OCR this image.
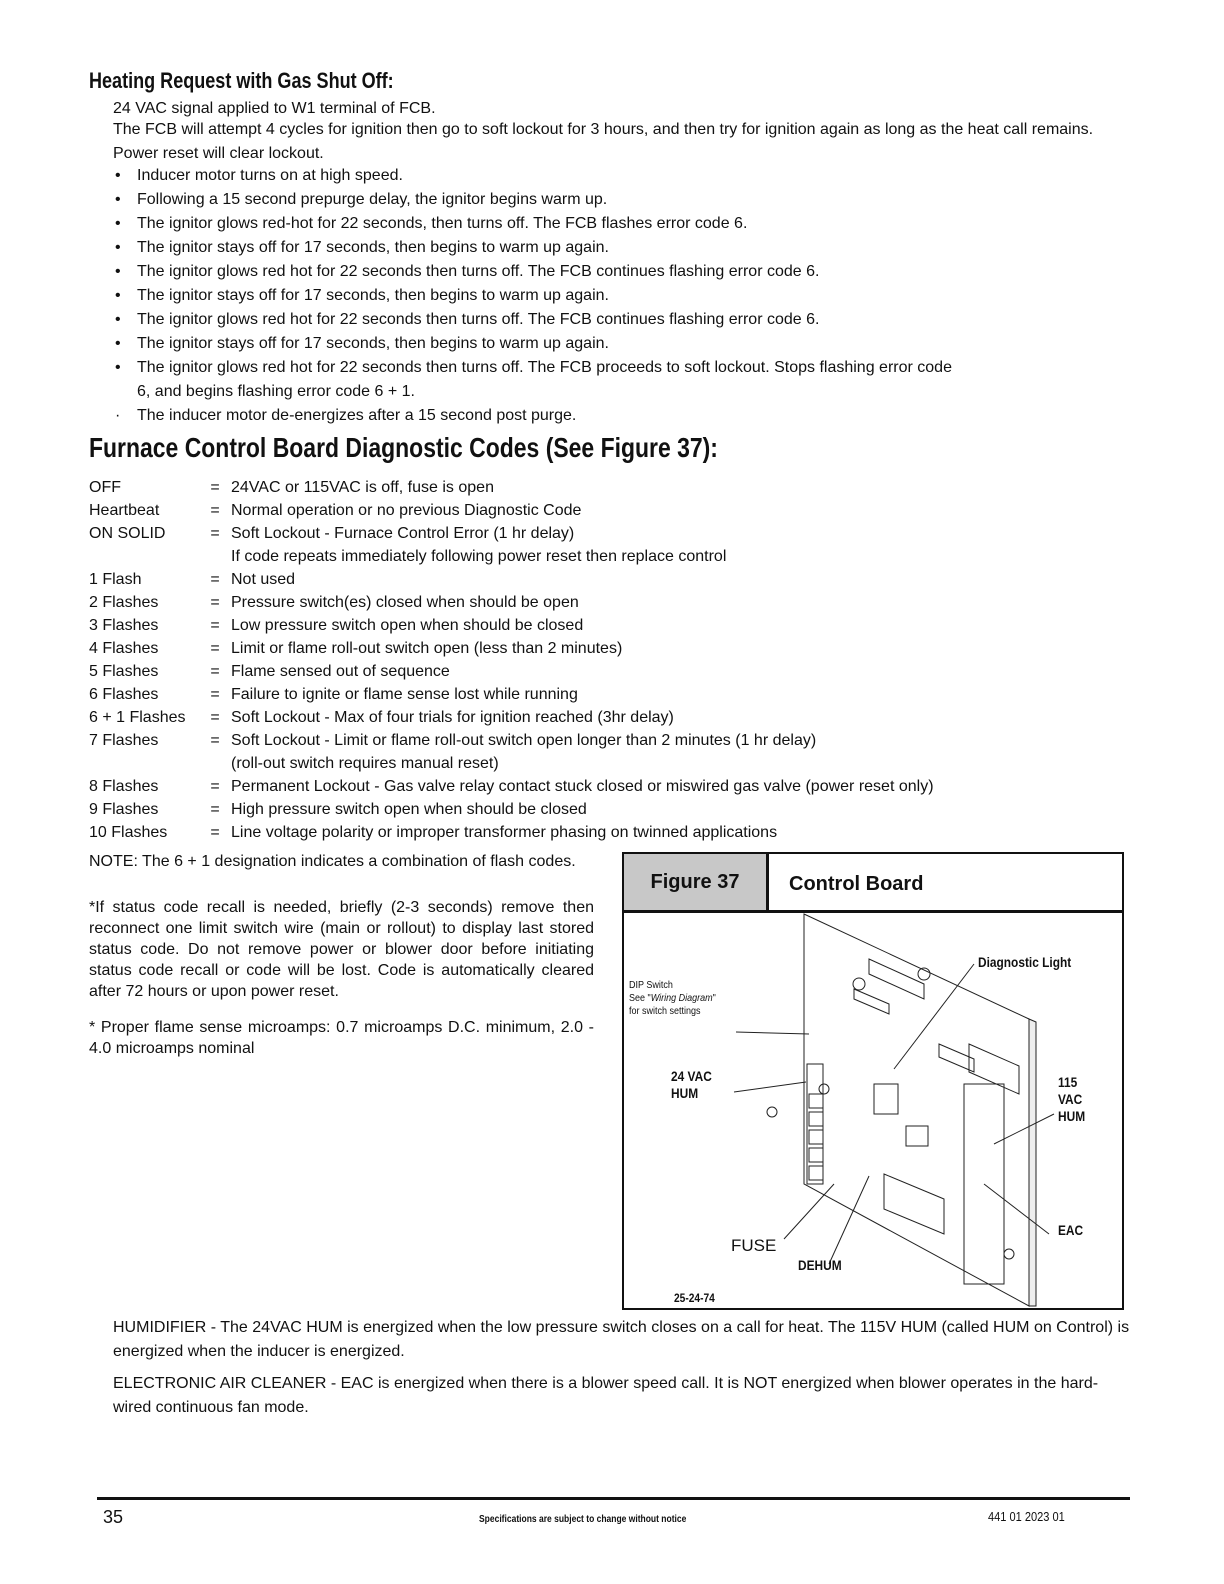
Heating Request with Gas Shut Off:
24 VAC signal applied to W1 terminal of FCB.
The FCB will attempt 4 cycles for ignition then go to soft lockout for 3 hours, and then try for ignition again as long as the heat call remains. Power reset will clear lockout.
• Inducer motor turns on at high speed.
• Following a 15 second prepurge delay, the ignitor begins warm up.
• The ignitor glows red-hot for 22 seconds, then turns off. The FCB flashes error code 6.
• The ignitor stays off for 17 seconds, then begins to warm up again.
• The ignitor glows red hot for 22 seconds then turns off. The FCB continues flashing error code 6.
• The ignitor stays off for 17 seconds, then begins to warm up again.
• The ignitor glows red hot for 22 seconds then turns off. The FCB continues flashing error code 6.
• The ignitor stays off for 17 seconds, then begins to warm up again.
• The ignitor glows red hot for 22 seconds then turns off. The FCB proceeds to soft lockout. Stops flashing error code 6, and begins flashing error code 6 + 1.
· The inducer motor de-energizes after a 15 second post purge.
Furnace Control Board Diagnostic Codes (See Figure 37):
OFF	=	24VAC or 115VAC is off, fuse is open

Heartbeat	=	Normal operation or no previous Diagnostic Code

ON SOLID	=	Soft Lockout - Furnace Control Error (1 hr delay)
If code repeats immediately following power reset then replace control

1 Flash	=	Not used

2 Flashes	=	Pressure switch(es) closed when should be open

3 Flashes	=	Low pressure switch open when should be closed

4 Flashes	=	Limit or flame roll-out switch open (less than 2 minutes)

5 Flashes	=	Flame sensed out of sequence

6 Flashes	=	Failure to ignite or flame sense lost while running

6 + 1 Flashes	=	Soft Lockout - Max of four trials for ignition reached (3hr delay)

7 Flashes	=	Soft Lockout - Limit or flame roll-out switch open longer than 2 minutes (1 hr delay)
(roll-out switch requires manual reset)

8 Flashes	=	Permanent Lockout - Gas valve relay contact stuck closed or miswired gas valve (power reset only)

9 Flashes	=	High pressure switch open when should be closed

10 Flashes	=	Line voltage polarity or improper transformer phasing on twinned applications
NOTE: The 6 + 1 designation indicates a combination of flash codes.
*If status code recall is needed, briefly (2-3 seconds) remove then reconnect one limit switch wire (main or rollout) to display last stored status code. Do not remove power or blower door before initiating status code recall or code will be lost. Code is automatically cleared after 72 hours or upon power reset.
* Proper flame sense microamps: 0.7 microamps D.C. minimum, 2.0 - 4.0 microamps nominal
Figure 37	Control Board
Diagnostic Light
DIP Switch
See "Wiring Diagram"
for switch settings
24 VAC
HUM
115
VAC
HUM
EAC
FUSE
DEHUM
25-24-74
HUMIDIFIER - The 24VAC HUM is energized when the low pressure switch closes on a call for heat. The 115V HUM (called HUM on Control) is energized when the inducer is energized.
ELECTRONIC AIR CLEANER - EAC is energized when there is a blower speed call. It is NOT energized when blower operates in the hard-wired continuous fan mode.
35	Specifications are subject to change without notice	441 01 2023 01
